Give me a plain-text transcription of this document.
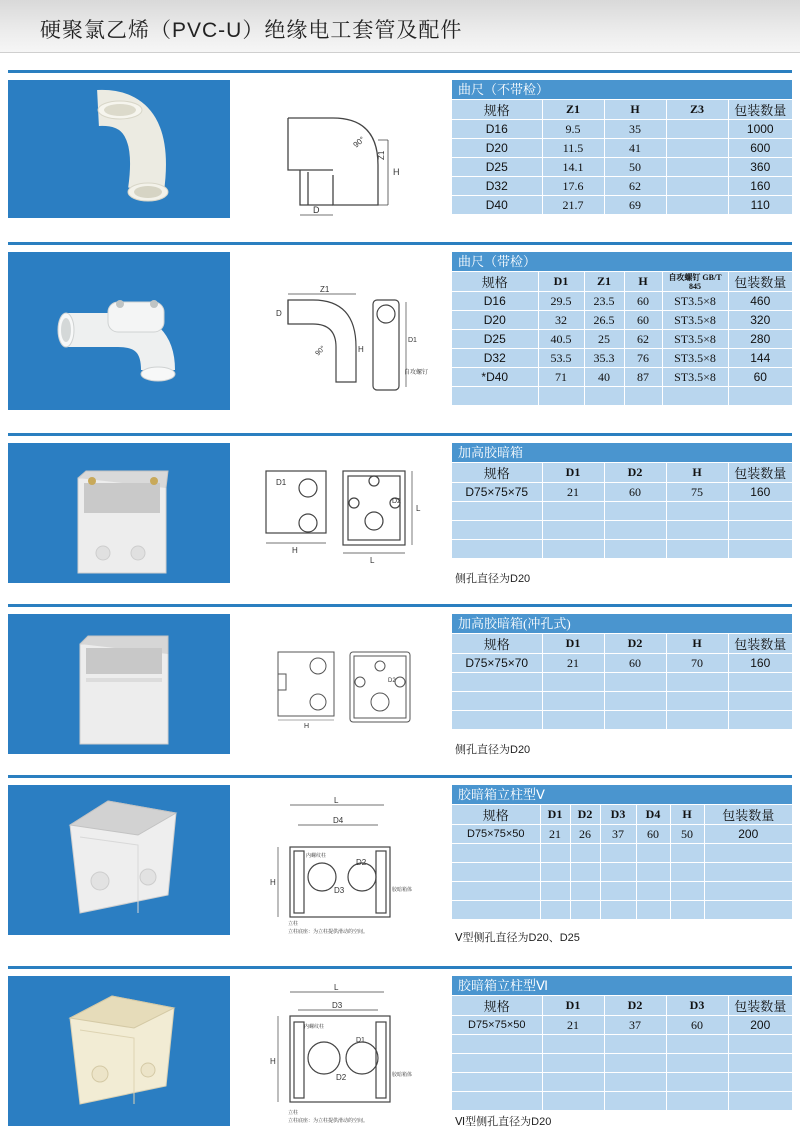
硬聚氯乙烯（PVC-U）绝缘电工套管及配件
90°
Z1
H
D
曲尺（不带检）
规格	Z1	H	Z3	包装数量
D16	9.5	35		1000
D20	11.5	41		600
D25	14.1	50		360
D32	17.6	62		160
D40	21.7	69		110
Z1
D
H
D1
90°
自攻螺钉
曲尺（带检）
规格	D1	Z1	H	自攻螺钉 GB/T 845	包装数量
D16	29.5	23.5	60	ST3.5×8	460
D20	32	26.5	60	ST3.5×8	320
D25	40.5	25	62	ST3.5×8	280
D32	53.5	35.3	76	ST3.5×8	144
*D40	71	40	87	ST3.5×8	60

D1
H
D2
L
L
加高胶暗箱
规格	D1	D2	H	包装数量
D75×75×75	21	60	75	160

侧孔直径为D20
H
D2
加高胶暗箱(冲孔式)
规格	D1	D2	H	包装数量
D75×75×70	21	60	70	160

侧孔直径为D20
L
D4
H
D2
D3
内螺纹柱
胶暗箱体
立柱
立柱底座：为立柱提供滑动的空间。
胶暗箱立柱型Ⅴ
规格	D1	D2	D3	D4	H	包装数量
D75×75×50	21	26	37	60	50	200

Ⅴ型侧孔直径为D20、D25
L
D3
H
D1
D2
内螺纹柱
胶暗箱体
立柱
立柱底座：为立柱提供滑动的空间。
胶暗箱立柱型Ⅵ
规格	D1	D2	D3	包装数量
D75×75×50	21	37	60	200

Ⅵ型侧孔直径为D20
